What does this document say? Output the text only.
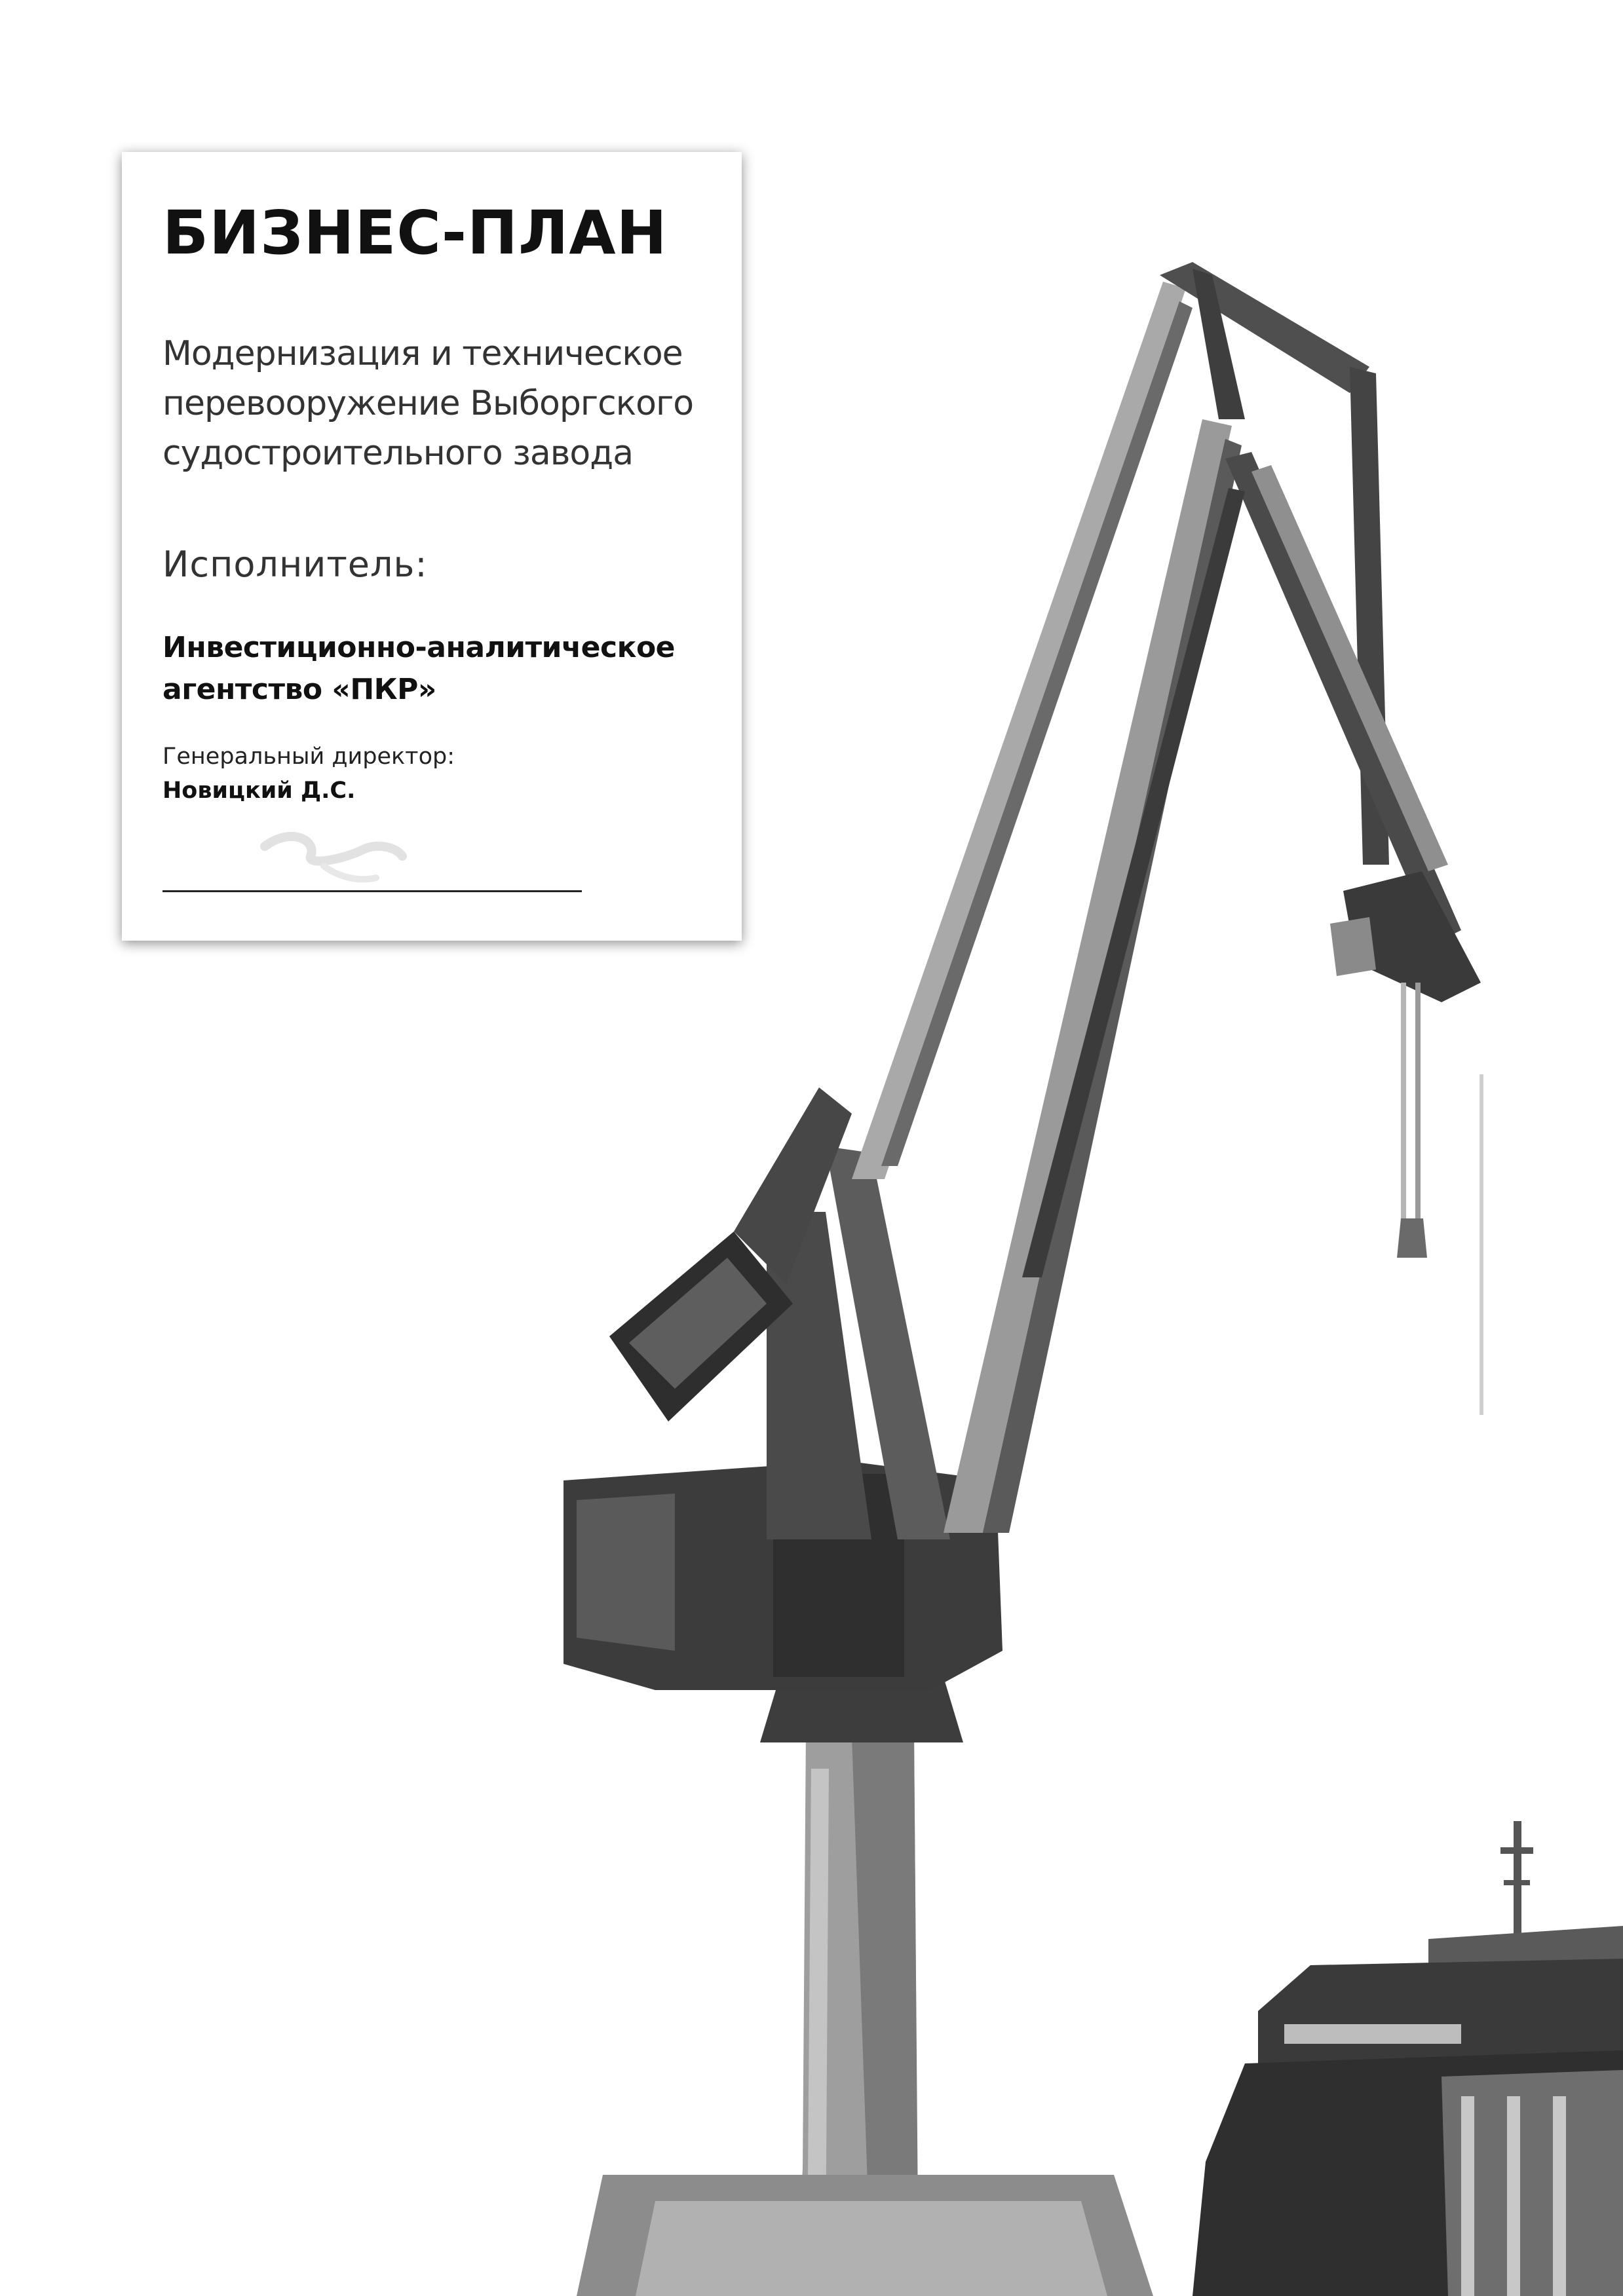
БИЗНЕС-ПЛАН
Модернизация и техническое
перевооружение Выборгского
судостроительного завода
Исполнитель:
Инвестиционно-аналитическое
агентство «ПКР»
Генеральный директор:
Новицкий Д.С.
